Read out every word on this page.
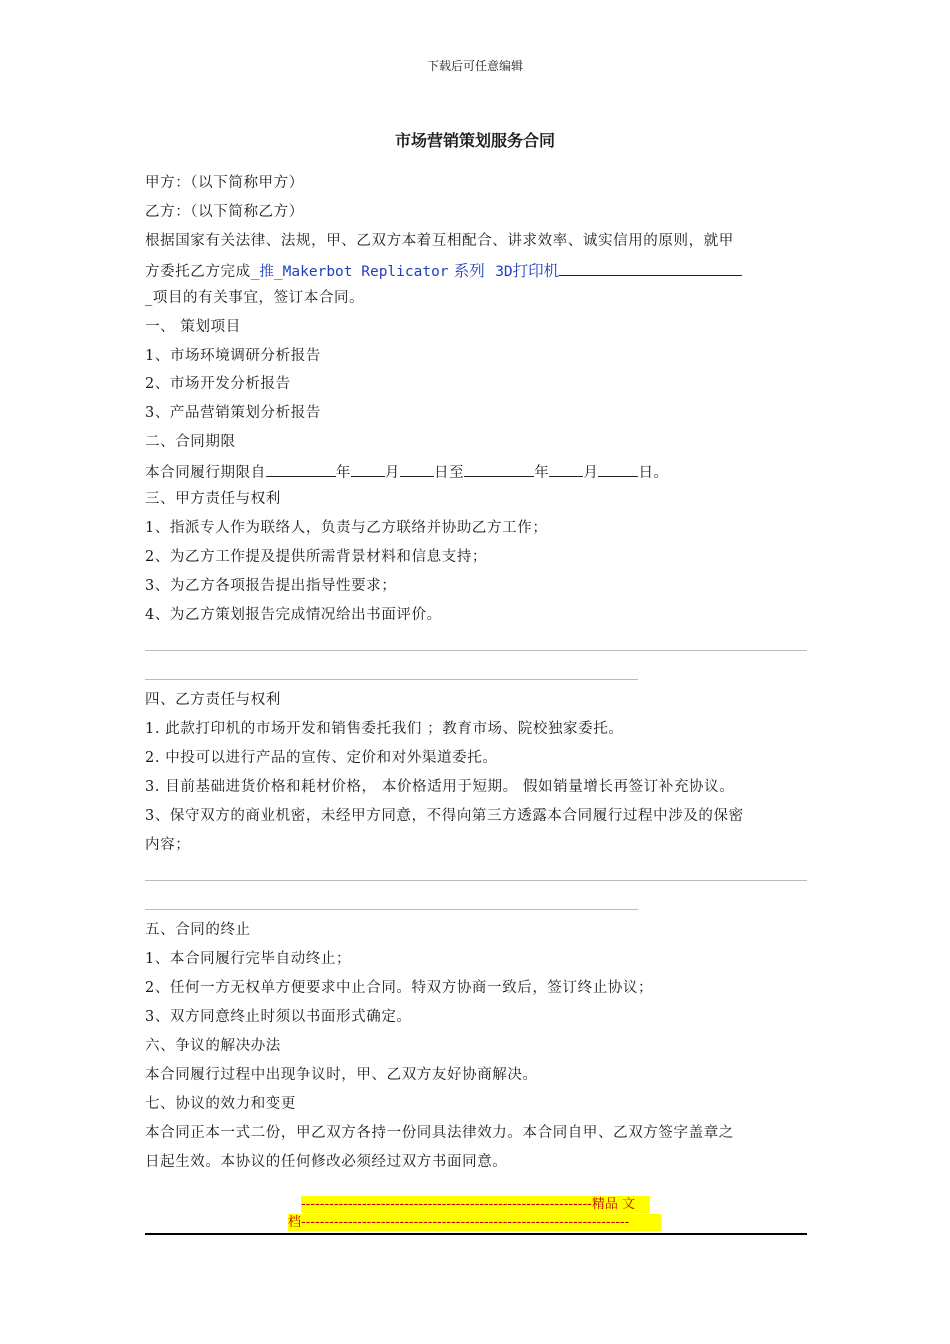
下载后可任意编辑
市场营销策划服务合同
甲方：（以下简称甲方）
乙方：（以下简称乙方）
根据国家有关法律、法规，甲、乙双方本着互相配合、讲求效率、诚实信用的原则，就甲
方委托乙方完成_推_Makerbot Replicator 系列 3D打印机
_项目的有关事宜，签订本合同。
一、 策划项目
1、市场环境调研分析报告
2、市场开发分析报告
3、产品营销策划分析报告
二、合同期限
本合同履行期限自	年 月 日至	年 月	日。
三、甲方责任与权利
1、指派专人作为联络人，负责与乙方联络并协助乙方工作；
2、为乙方工作提及提供所需背景材料和信息支持；
3、为乙方各项报告提出指导性要求；
4、为乙方策划报告完成情况给出书面评价。
四、乙方责任与权利
1. 此款打印机的市场开发和销售委托我们 ；教育市场、院校独家委托。
2. 中投可以进行产品的宣传、定价和对外渠道委托。
3. 目前基础进货价格和耗材价格， 本价格适用于短期。 假如销量增长再签订补充协议。
3、保守双方的商业机密，未经甲方同意，不得向第三方透露本合同履行过程中涉及的保密
内容；
五、合同的终止
1、本合同履行完毕自动终止；
2、任何一方无权单方便要求中止合同。特双方协商一致后，签订终止协议；
3、双方同意终止时须以书面形式确定。
六、争议的解决办法
本合同履行过程中出现争议时，甲、乙双方友好协商解决。
七、协议的效力和变更
本合同正本一式二份，甲乙双方各持一份同具法律效力。本合同自甲、乙双方签字盖章之
日起生效。本协议的任何修改必须经过双方书面同意。
--------------------------------------------------------------精品 文
档----------------------------------------------------------------------
